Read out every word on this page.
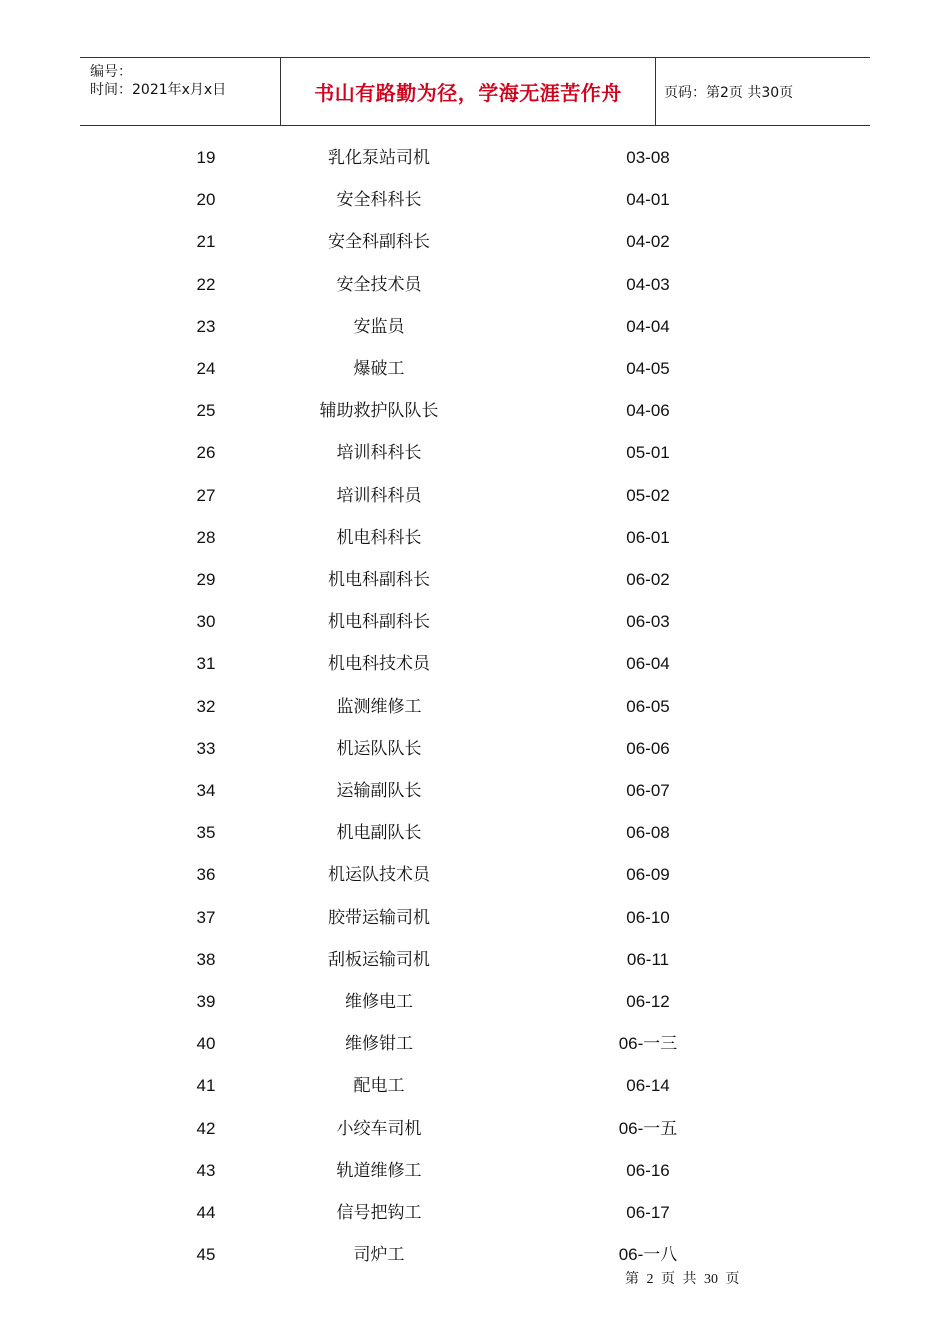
编号：
时间：2021年x月x日	书山有路勤为径，学海无涯苦作舟	页码：第2页 共30页
19	乳化泵站司机	03-08
20	安全科科长	04-01
21	安全科副科长	04-02
22	安全技术员	04-03
23	安监员	04-04
24	爆破工	04-05
25	辅助救护队队长	04-06
26	培训科科长	05-01
27	培训科科员	05-02
28	机电科科长	06-01
29	机电科副科长	06-02
30	机电科副科长	06-03
31	机电科技术员	06-04
32	监测维修工	06-05
33	机运队队长	06-06
34	运输副队长	06-07
35	机电副队长	06-08
36	机运队技术员	06-09
37	胶带运输司机	06-10
38	刮板运输司机	06-11
39	维修电工	06-12
40	维修钳工	06-一三
41	配电工	06-14
42	小绞车司机	06-一五
43	轨道维修工	06-16
44	信号把钩工	06-17
45	司炉工	06-一八
第 2 页 共 30 页
